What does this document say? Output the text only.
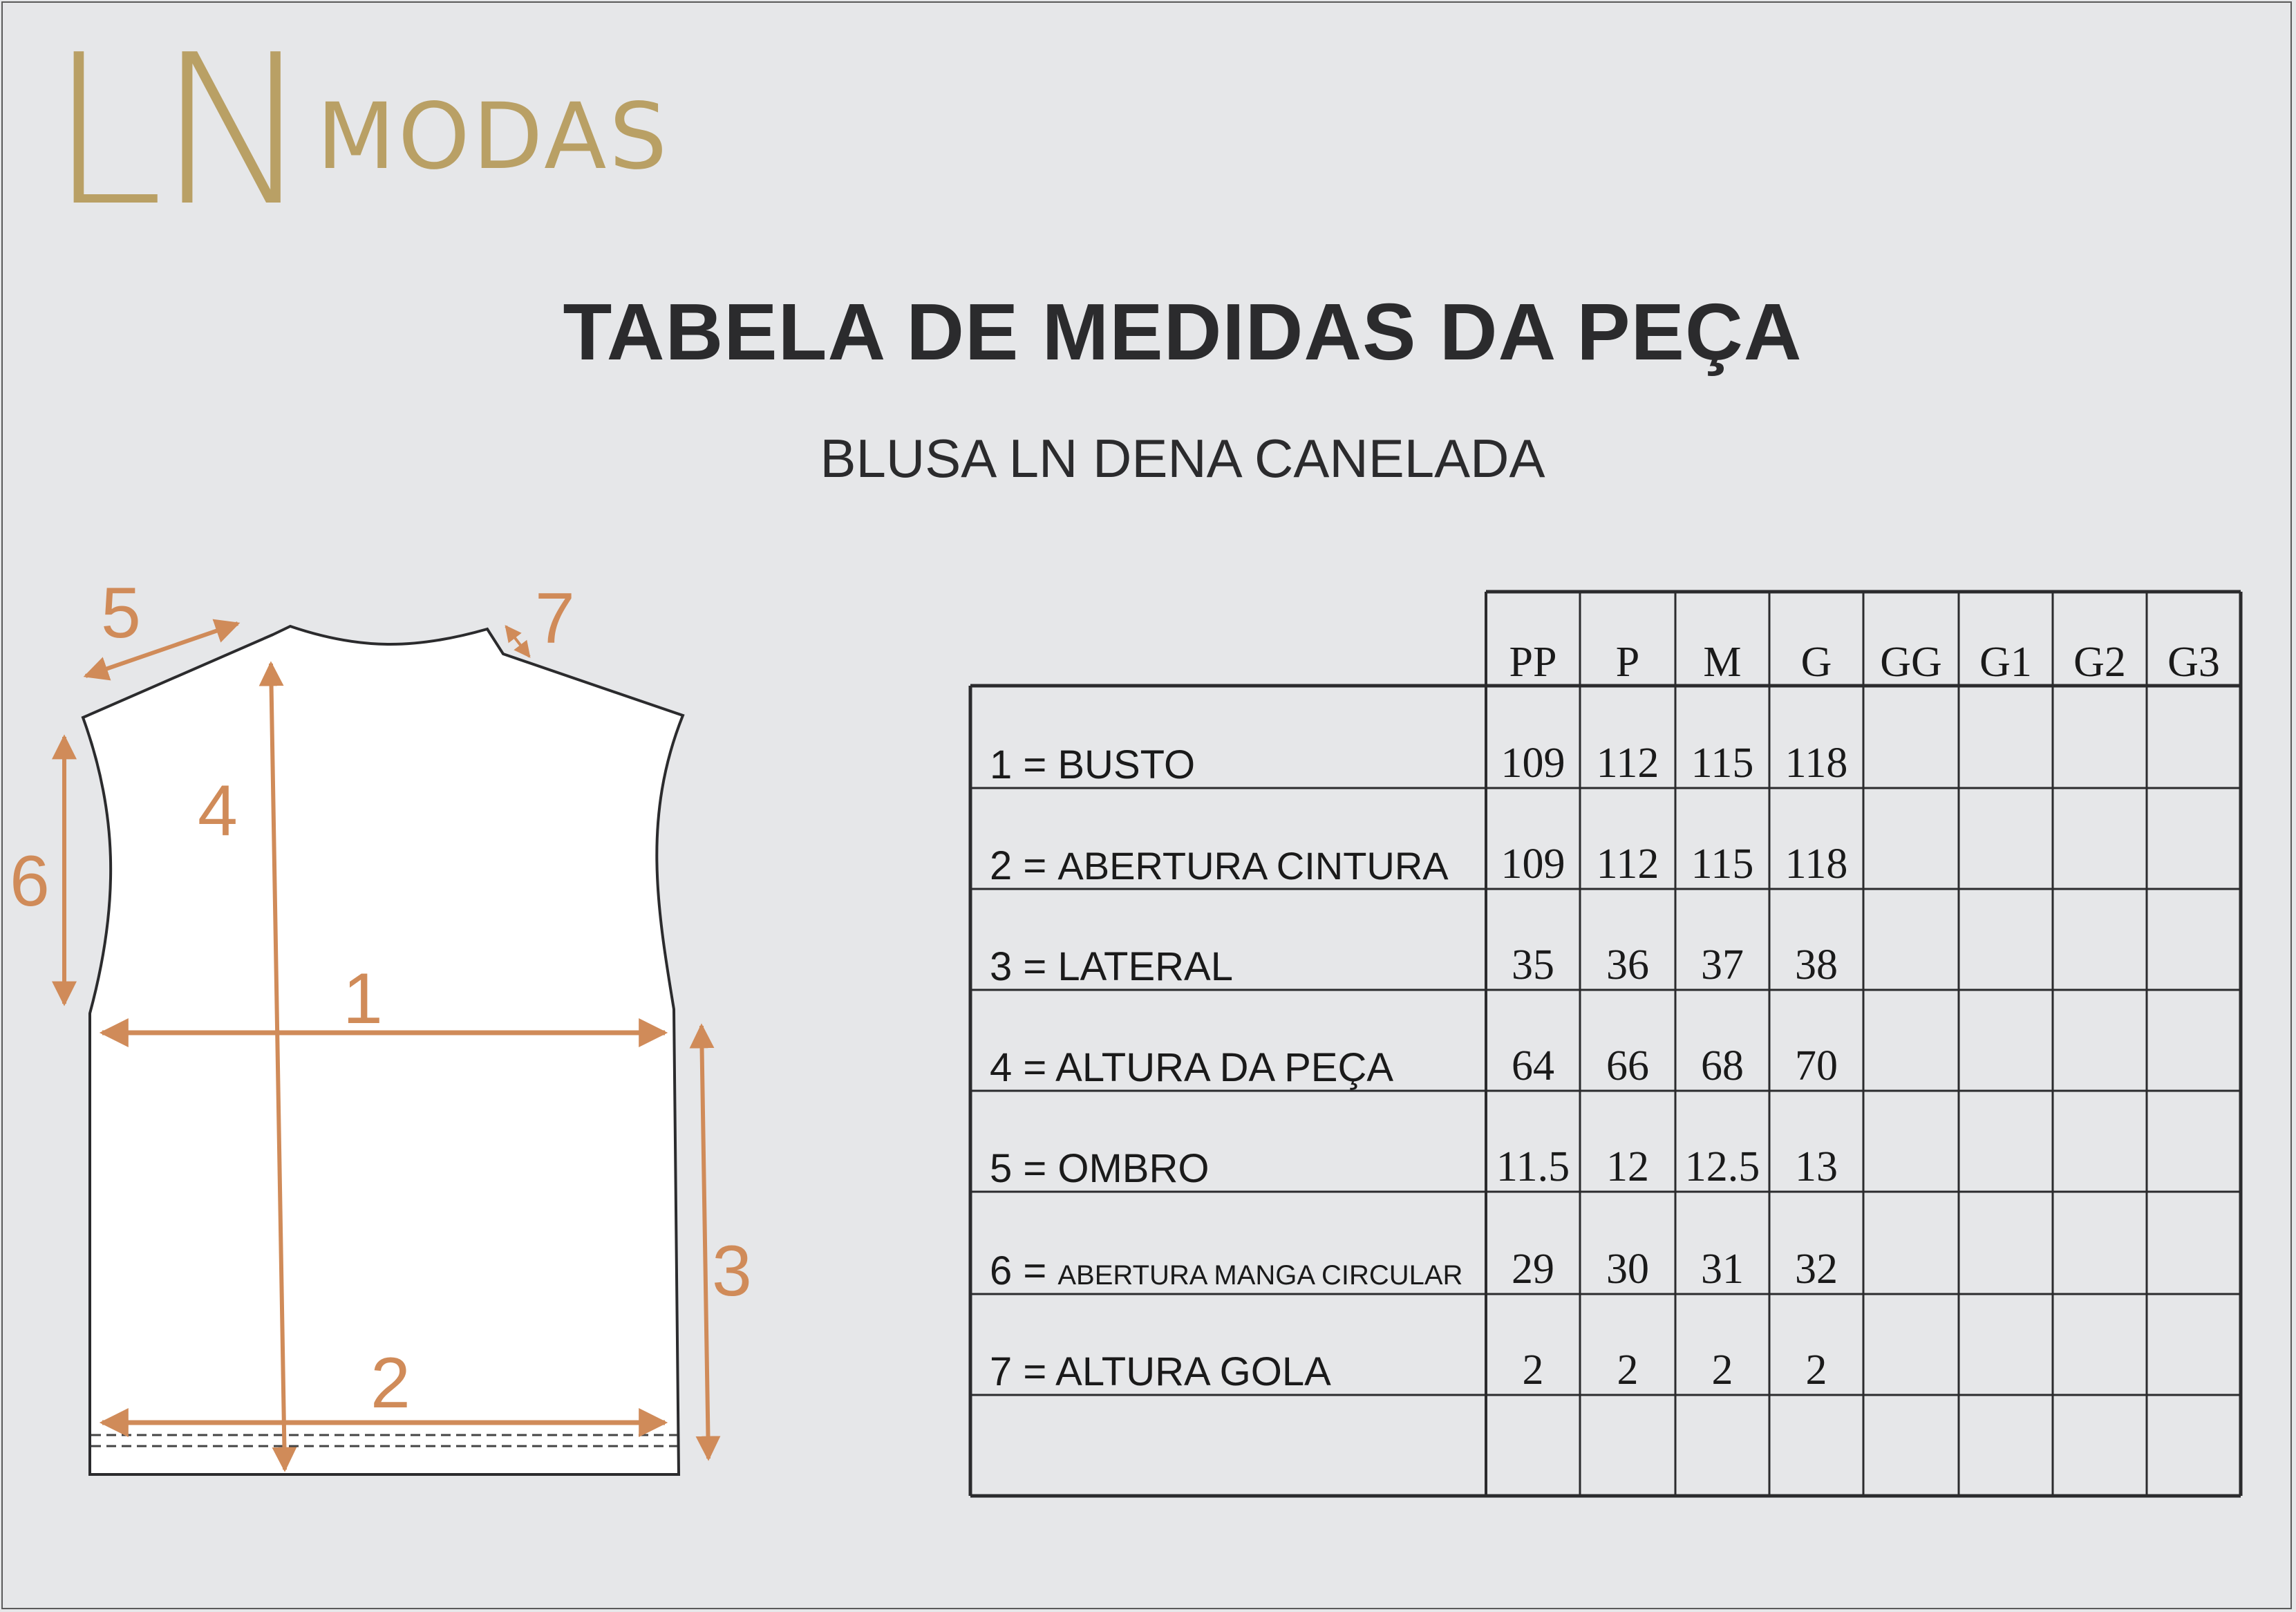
LN MODAS
TABELA DE MEDIDAS DA PEÇA
BLUSA LN DENA CANELADA
1
2
3
4
5
6
7
PP P M G GG G1 G2 G3
1 = BUSTO	109 112 115 118
2 = ABERTURA CINTURA 109 112 115 118
3 = LATERAL	35 36 37 38
4 = ALTURA DA PEÇA	64 66 68 70
5 = OMBRO	11.5 12 12.5 13
6 = ABERTURA MANGA CIRCULAR 29 30 31 32
7 = ALTURA GOLA	2 2 2 2
